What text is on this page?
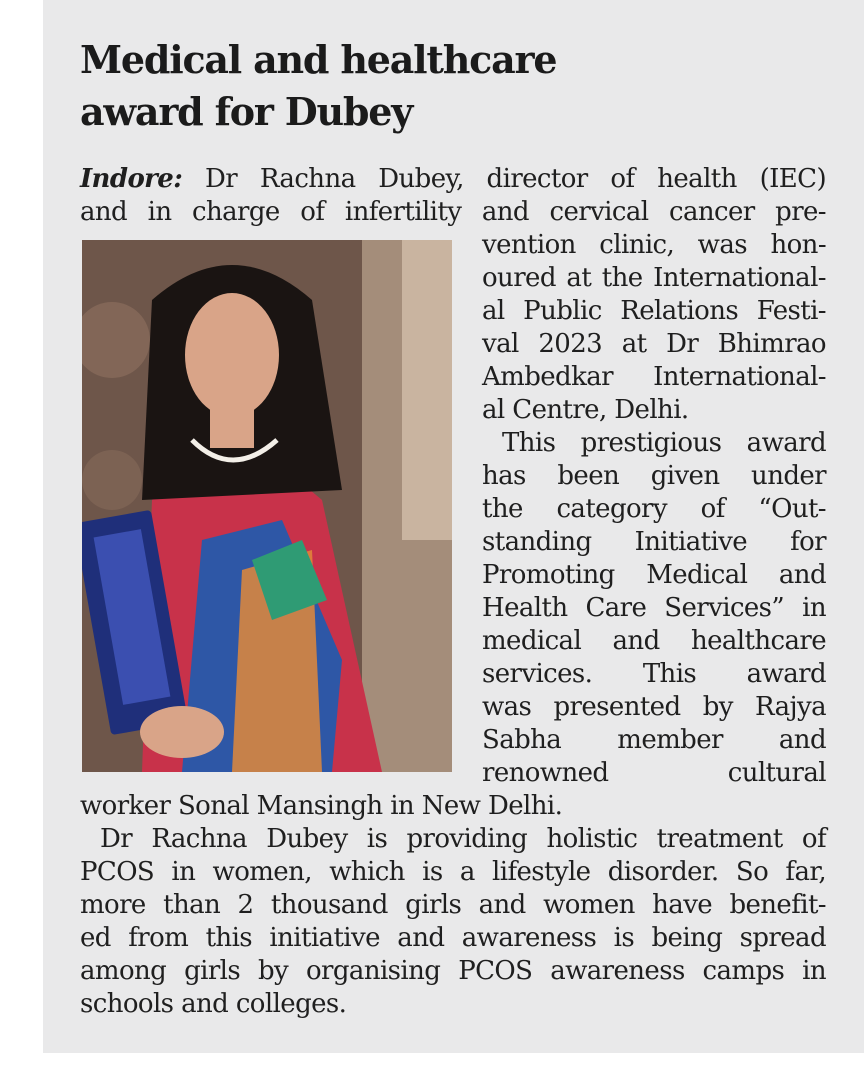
Medical and healthcare
award for Dubey
Indore: Dr Rachna Dubey, director of health (IEC)
and in charge of infertility and cervical cancer pre-
vention clinic, was hon-
oured at the International-
al Public Relations Festi-
val 2023 at Dr Bhimrao
Ambedkar International-
al Centre, Delhi.
This prestigious award
has been given under
the category of “Out-
standing Initiative for
Promoting Medical and
Health Care Services” in
medical and healthcare
services. This award
was presented by Rajya
Sabha member and
renowned cultural
worker Sonal Mansingh in New Delhi.
Dr Rachna Dubey is providing holistic treatment of
PCOS in women, which is a lifestyle disorder. So far,
more than 2 thousand girls and women have benefit-
ed from this initiative and awareness is being spread
among girls by organising PCOS awareness camps in
schools and colleges.
